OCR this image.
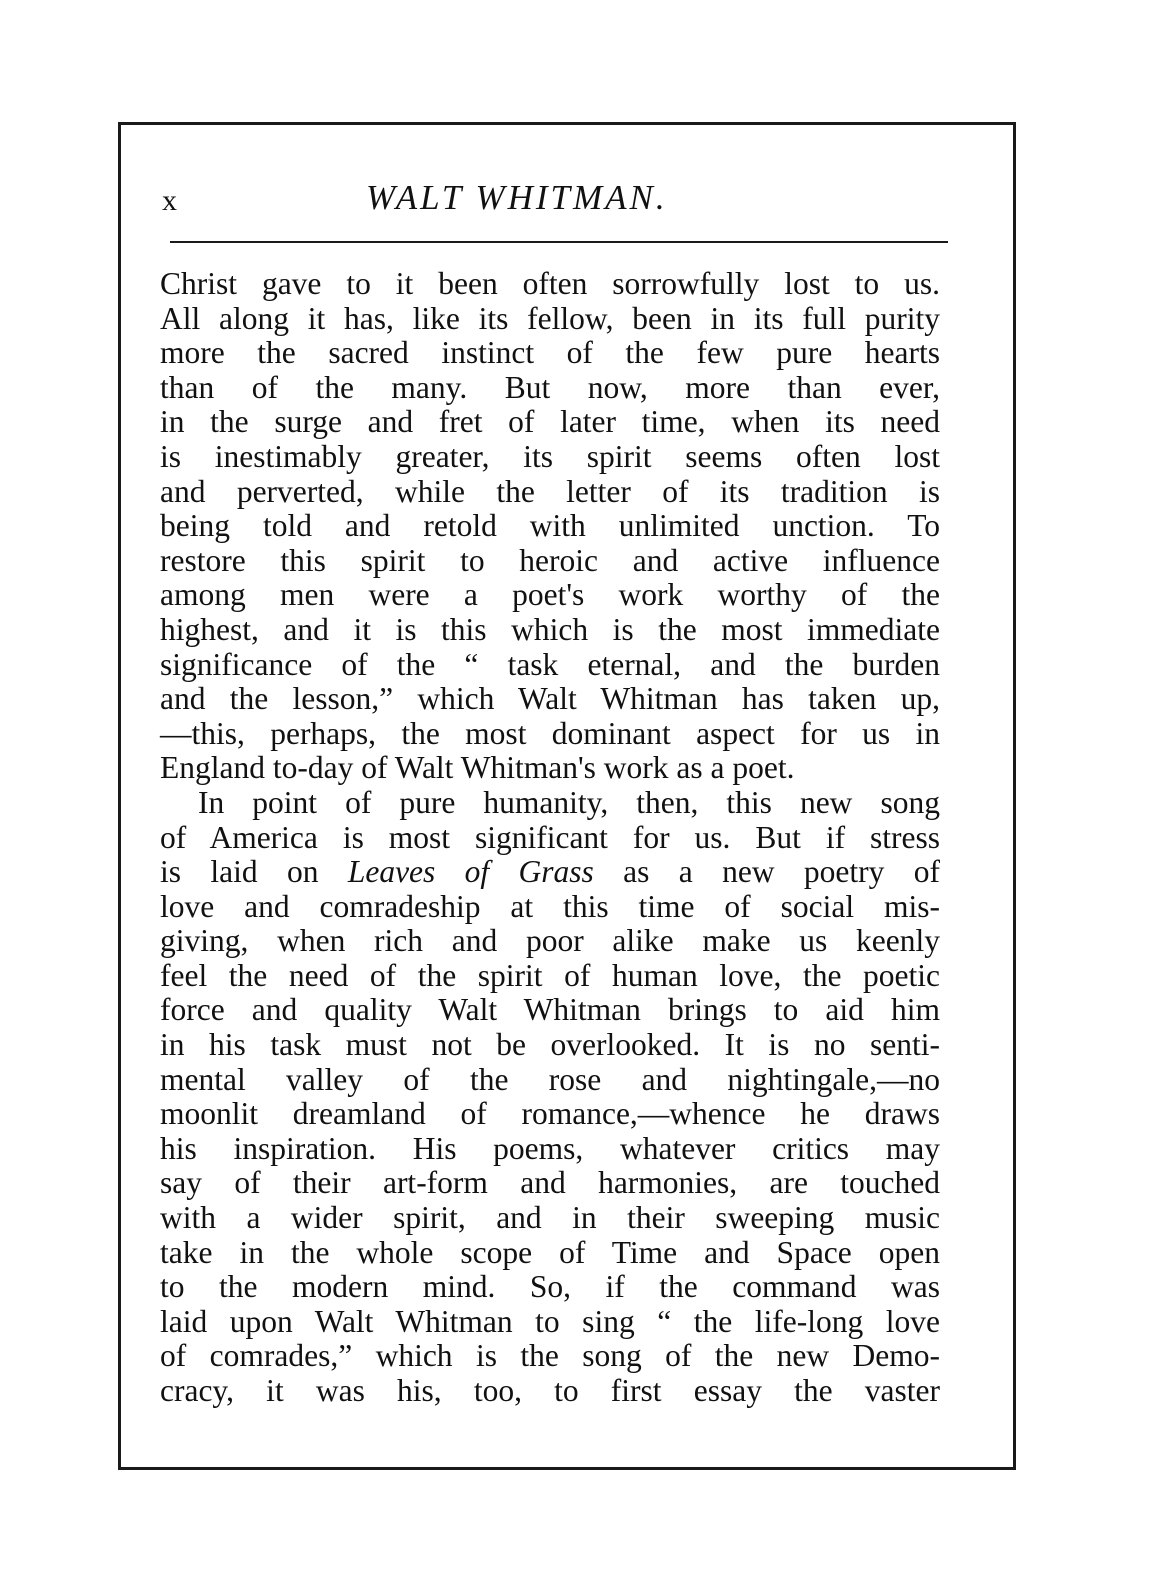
x	WALT WHITMAN.
Christ gave to it been often sorrowfully lost to us.
All along it has, like its fellow, been in its full purity
more the sacred instinct of the few pure hearts
than of the many. But now, more than ever,
in the surge and fret of later time, when its need
is inestimably greater, its spirit seems often lost
and perverted, while the letter of its tradition is
being told and retold with unlimited unction. To
restore this spirit to heroic and active influence
among men were a poet's work worthy of the
highest, and it is this which is the most immediate
significance of the “ task eternal, and the burden
and the lesson,” which Walt Whitman has taken up,
—this, perhaps, the most dominant aspect for us in
England to-day of Walt Whitman's work as a poet.
In point of pure humanity, then, this new song
of America is most significant for us. But if stress
is laid on Leaves of Grass as a new poetry of
love and comradeship at this time of social mis-
giving, when rich and poor alike make us keenly
feel the need of the spirit of human love, the poetic
force and quality Walt Whitman brings to aid him
in his task must not be overlooked. It is no senti-
mental valley of the rose and nightingale,—no
moonlit dreamland of romance,—whence he draws
his inspiration. His poems, whatever critics may
say of their art-form and harmonies, are touched
with a wider spirit, and in their sweeping music
take in the whole scope of Time and Space open
to the modern mind. So, if the command was
laid upon Walt Whitman to sing “ the life-long love
of comrades,” which is the song of the new Demo-
cracy, it was his, too, to first essay the vaster
